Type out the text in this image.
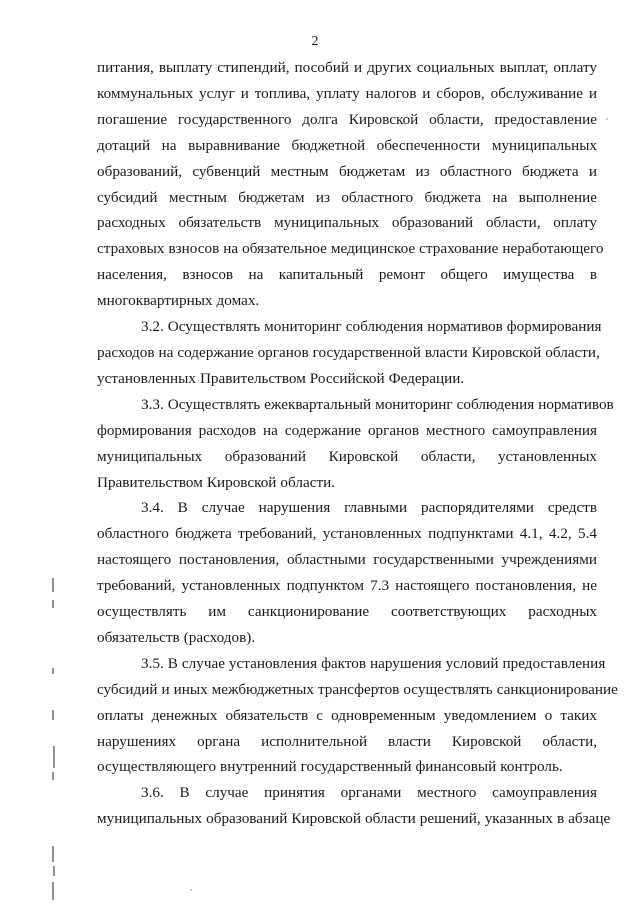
2
питания, выплату стипендий, пособий и других социальных выплат, оплату
коммунальных услуг и топлива, уплату налогов и сборов, обслуживание и
погашение государственного долга Кировской области, предоставление
дотаций на выравнивание бюджетной обеспеченности муниципальных
образований, субвенций местным бюджетам из областного бюджета и
субсидий местным бюджетам из областного бюджета на выполнение
расходных обязательств муниципальных образований области, оплату
страховых взносов на обязательное медицинское страхование неработающего
населения, взносов на капитальный ремонт общего имущества в
многоквартирных домах.
3.2. Осуществлять мониторинг соблюдения нормативов формирования
расходов на содержание органов государственной власти Кировской области,
установленных Правительством Российской Федерации.
3.3. Осуществлять ежеквартальный мониторинг соблюдения нормативов
формирования расходов на содержание органов местного самоуправления
муниципальных образований Кировской области, установленных
Правительством Кировской области.
3.4. В случае нарушения главными распорядителями средств
областного бюджета требований, установленных подпунктами 4.1, 4.2, 5.4
настоящего постановления, областными государственными учреждениями
требований, установленных подпунктом 7.3 настоящего постановления, не
осуществлять им санкционирование соответствующих расходных
обязательств (расходов).
3.5. В случае установления фактов нарушения условий предоставления
субсидий и иных межбюджетных трансфертов осуществлять санкционирование
оплаты денежных обязательств с одновременным уведомлением о таких
нарушениях органа исполнительной власти Кировской области,
осуществляющего внутренний государственный финансовый контроль.
3.6. В случае принятия органами местного самоуправления
муниципальных образований Кировской области решений, указанных в абзаце
